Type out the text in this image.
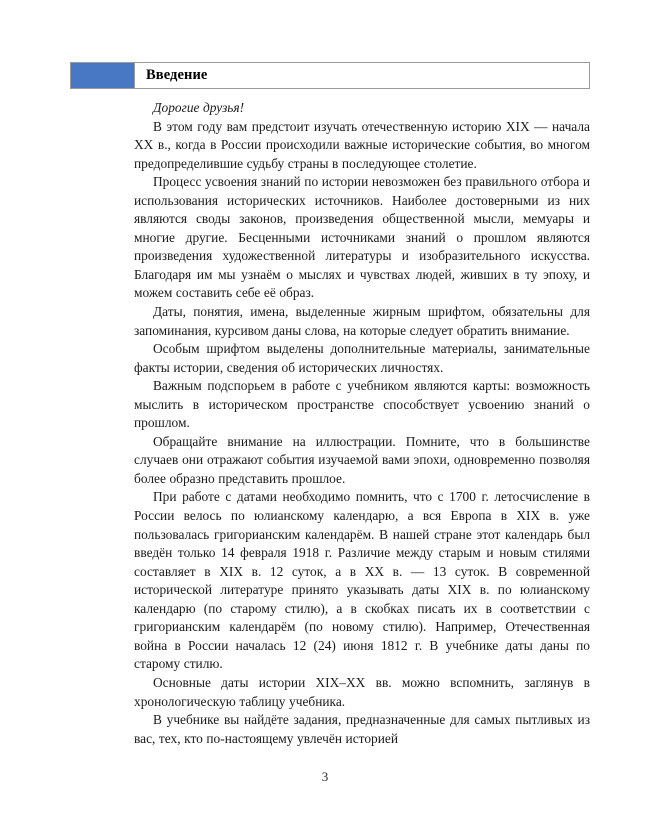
Введение

Дорогие друзья!

В этом году вам предстоит изучать отечественную историю XIX — начала XX в., когда в России происходили важные исторические события, во многом предопределившие судьбу страны в последующее столетие.

Процесс усвоения знаний по истории невозможен без правильного отбора и использования исторических источников. Наиболее достоверными из них являются своды законов, произведения общественной мысли, мемуары и многие другие. Бесценными источниками знаний о прошлом являются произведения художественной литературы и изобразительного искусства. Благодаря им мы узнаём о мыслях и чувствах людей, живших в ту эпоху, и можем составить себе её образ.

Даты, понятия, имена, выделенные жирным шрифтом, обязательны для запоминания, курсивом даны слова, на которые следует обратить внимание.

Особым шрифтом выделены дополнительные материалы, занимательные факты истории, сведения об исторических личностях.

Важным подспорьем в работе с учебником являются карты: возможность мыслить в историческом пространстве способствует усвоению знаний о прошлом.

Обращайте внимание на иллюстрации. Помните, что в большинстве случаев они отражают события изучаемой вами эпохи, одновременно позволяя более образно представить прошлое.

При работе с датами необходимо помнить, что с 1700 г. летосчисление в России велось по юлианскому календарю, а вся Европа в XIX в. уже пользовалась григорианским календарём. В нашей стране этот календарь был введён только 14 февраля 1918 г. Различие между старым и новым стилями составляет в XIX в. 12 суток, а в XX в. — 13 суток. В современной исторической литературе принято указывать даты XIX в. по юлианскому календарю (по старому стилю), а в скобках писать их в соответствии с григорианским календарём (по новому стилю). Например, Отечественная война в России началась 12 (24) июня 1812 г. В учебнике даты даны по старому стилю.

Основные даты истории XIX–XX вв. можно вспомнить, заглянув в хронологическую таблицу учебника.

В учебнике вы найдёте задания, предназначенные для самых пытливых из вас, тех, кто по-настоящему увлечён историей

3
